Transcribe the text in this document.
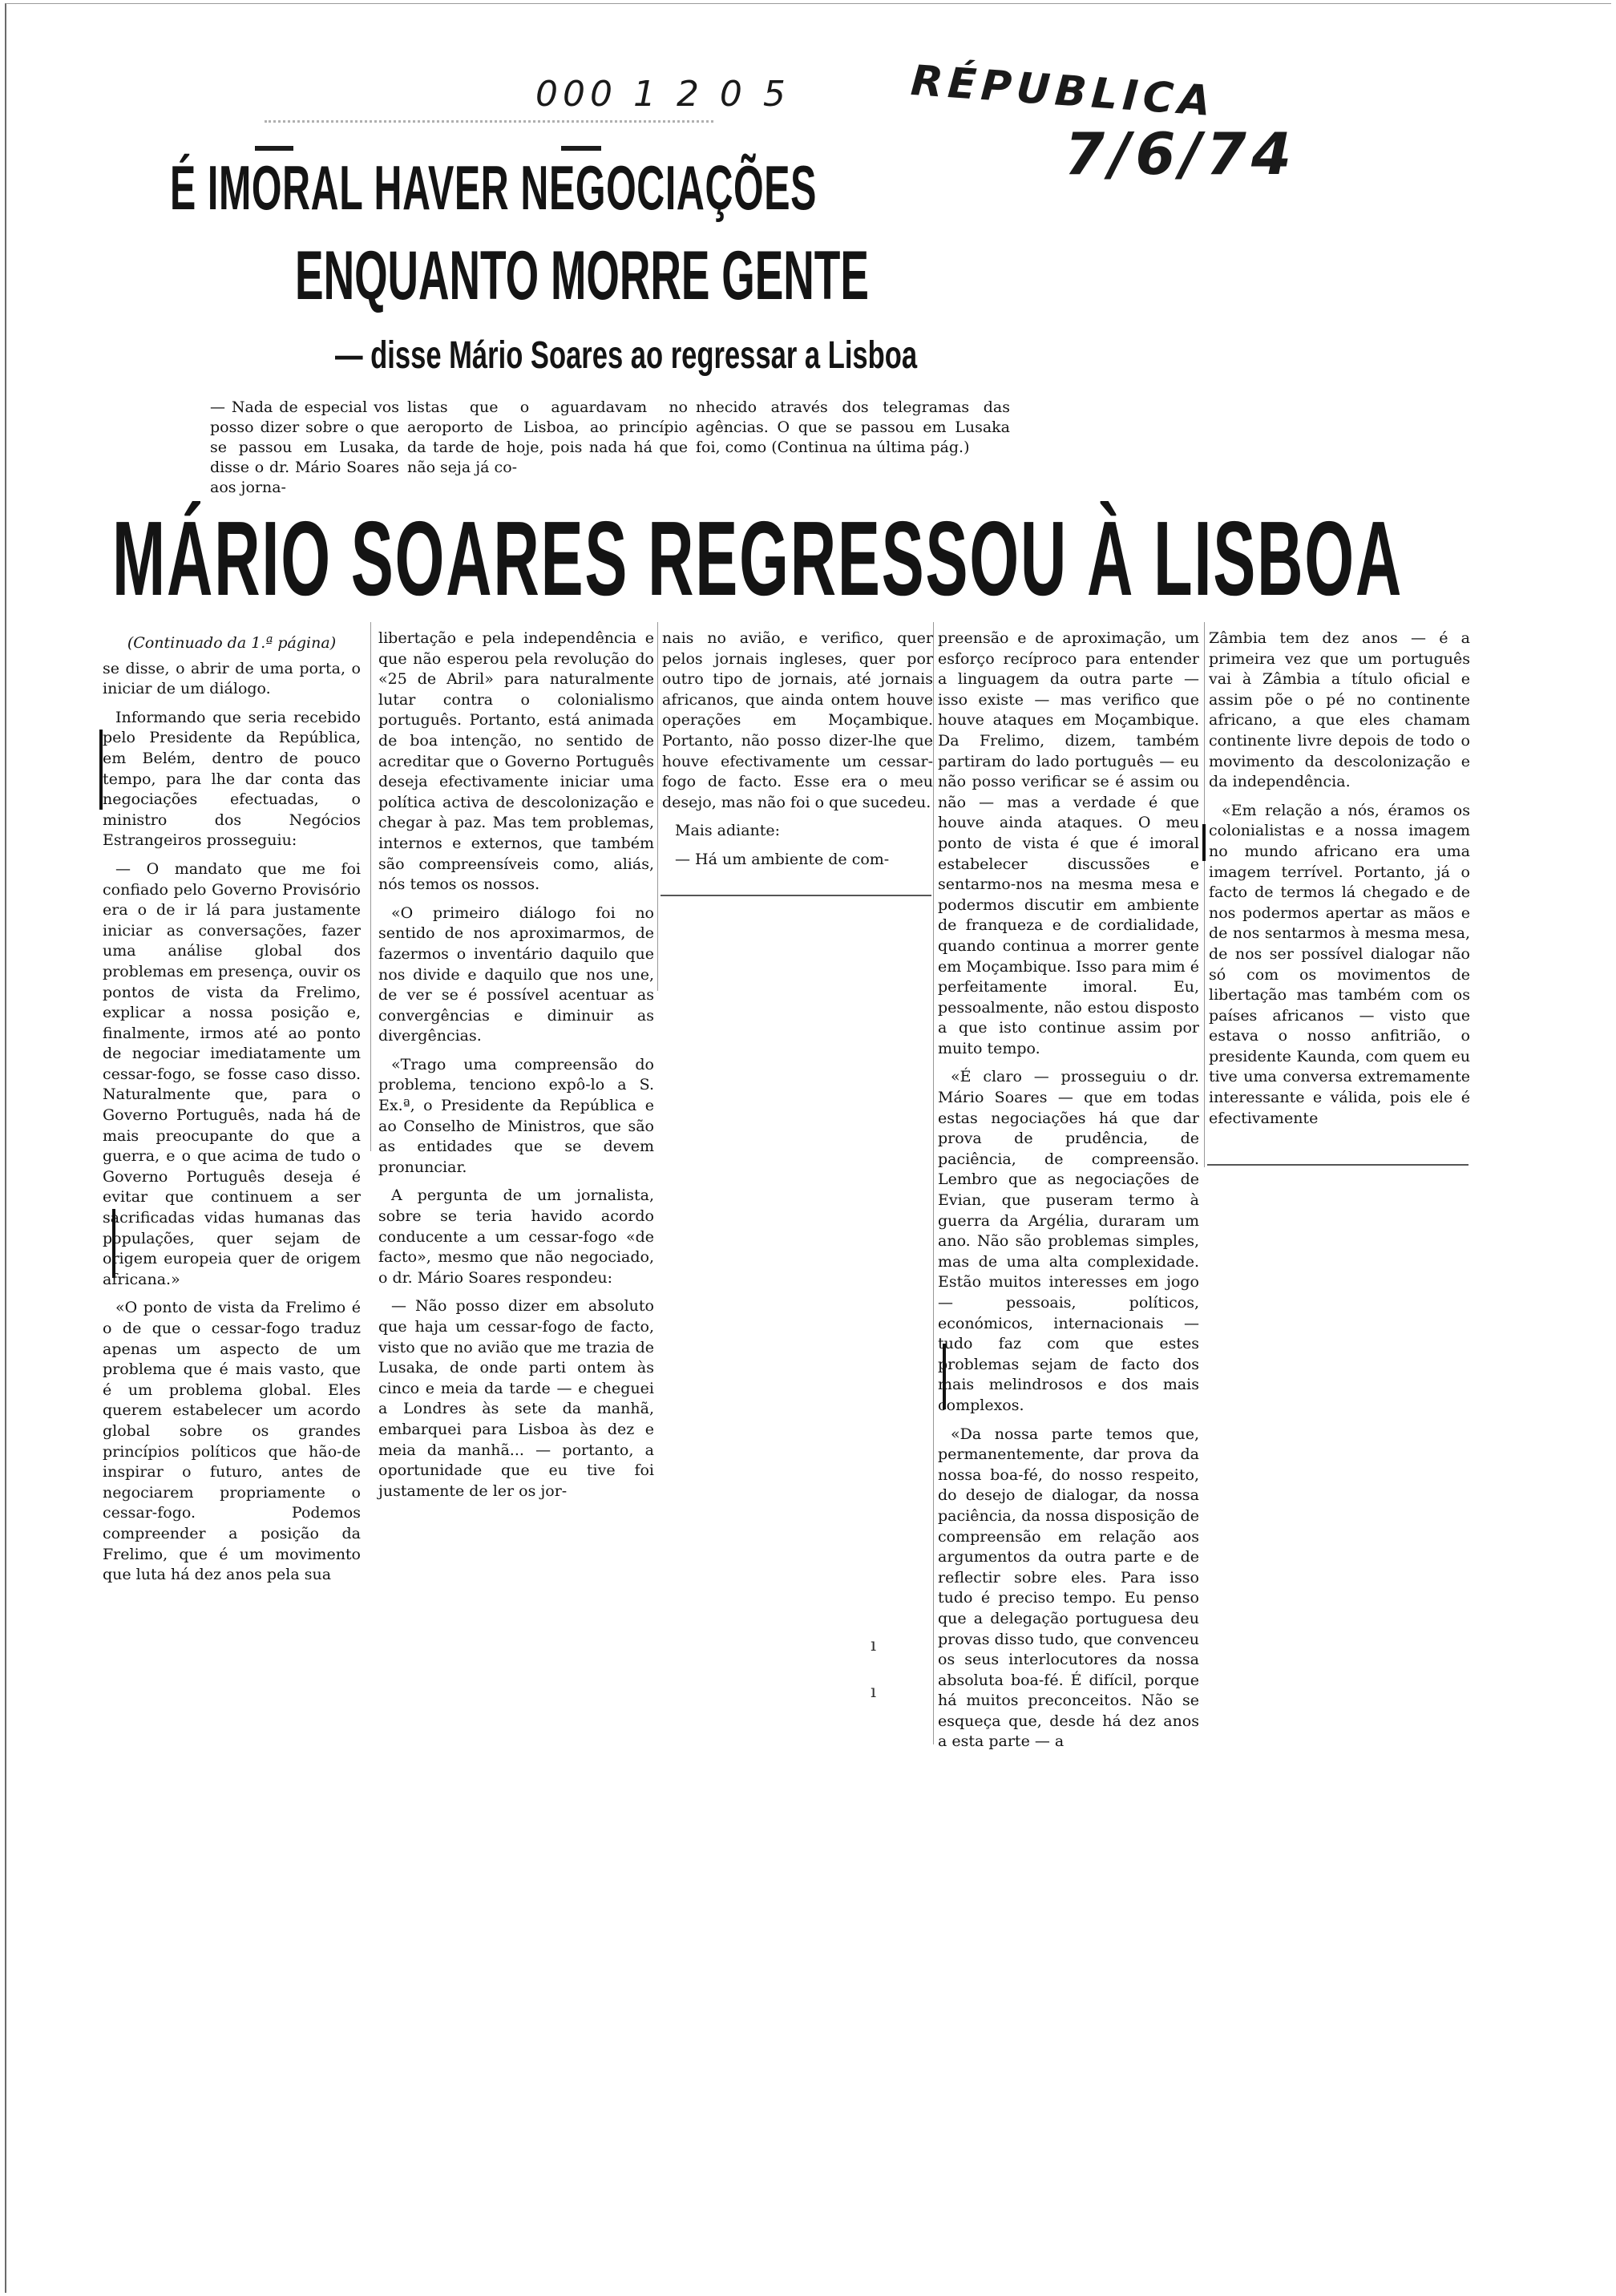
000 1 2 0 5	RÉPUBLICA
7/6/74
É IMORAL HAVER NEGOCIAÇÕES
ENQUANTO MORRE GENTE
— disse Mário Soares ao regressar a Lisboa
— Nada de especial vos posso dizer sobre o que se passou em Lusaka, disse o dr. Mário Soares aos jorna-
listas que o aguardavam no aeroporto de Lisboa, ao princípio da tarde de hoje, pois nada há que não seja já co-
nhecido através dos telegramas das agências. O que se passou em Lusaka foi, como (Continua na última pág.)
MÁRIO SOARES REGRESSOU À LISBOA
(Continuado da 1.ª página)

se disse, o abrir de uma porta, o iniciar de um diálogo.

Informando que seria recebido pelo Presidente da República, em Belém, dentro de pouco tempo, para lhe dar conta das negociações efectuadas, o ministro dos Negócios Estrangeiros prosseguiu:

— O mandato que me foi confiado pelo Governo Provisório era o de ir lá para justamente iniciar as conversações, fazer uma análise global dos problemas em presença, ouvir os pontos de vista da Frelimo, explicar a nossa posição e, finalmente, irmos até ao ponto de negociar imediatamente um cessar-fogo, se fosse caso disso. Naturalmente que, para o Governo Português, nada há de mais preocupante do que a guerra, e o que acima de tudo o Governo Português deseja é evitar que continuem a ser sacrificadas vidas humanas das populações, quer sejam de origem europeia quer de origem africana.»

«O ponto de vista da Frelimo é o de que o cessar-fogo traduz apenas um aspecto de um problema que é mais vasto, que é um problema global. Eles querem estabelecer um acordo global sobre os grandes princípios políticos que hão-de inspirar o futuro, antes de negociarem propriamente o cessar-fogo. Podemos compreender a posição da Frelimo, que é um movimento que luta há dez anos pela sua

libertação e pela independência e que não esperou pela revolução do «25 de Abril» para naturalmente lutar contra o colonialismo português. Portanto, está animada de boa intenção, no sentido de acreditar que o Governo Português deseja efectivamente iniciar uma política activa de descolonização e chegar à paz. Mas tem problemas, internos e externos, que também são compreensíveis como, aliás, nós temos os nossos.

«O primeiro diálogo foi no sentido de nos aproximarmos, de fazermos o inventário daquilo que nos divide e daquilo que nos une, de ver se é possível acentuar as convergências e diminuir as divergências.

«Trago uma compreensão do problema, tenciono expô-lo a S. Ex.ª, o Presidente da República e ao Conselho de Ministros, que são as entidades que se devem pronunciar.

A pergunta de um jornalista, sobre se teria havido acordo conducente a um cessar-fogo «de facto», mesmo que não negociado, o dr. Mário Soares respondeu:

— Não posso dizer em absoluto que haja um cessar-fogo de facto, visto que no avião que me trazia de Lusaka, de onde parti ontem às cinco e meia da tarde — e cheguei a Londres às sete da manhã, embarquei para Lisboa às dez e meia da manhã... — portanto, a oportunidade que eu tive foi justamente de ler os jor-

nais no avião, e verifico, quer pelos jornais ingleses, quer por outro tipo de jornais, até jornais africanos, que ainda ontem houve operações em Moçambique. Portanto, não posso dizer-lhe que houve efectivamente um cessar-fogo de facto. Esse era o meu desejo, mas não foi o que sucedeu.

Mais adiante:

— Há um ambiente de com-

preensão e de aproximação, um esforço recíproco para entender a linguagem da outra parte — isso existe — mas verifico que houve ataques em Moçambique. Da Frelimo, dizem, também partiram do lado português — eu não posso verificar se é assim ou não — mas a verdade é que houve ainda ataques. O meu ponto de vista é que é imoral estabelecer discussões e sentarmo-nos na mesma mesa e podermos discutir em ambiente de franqueza e de cordialidade, quando continua a morrer gente em Moçambique. Isso para mim é perfeitamente imoral. Eu, pessoalmente, não estou disposto a que isto continue assim por muito tempo.

«É claro — prosseguiu o dr. Mário Soares — que em todas estas negociações há que dar prova de prudência, de paciência, de compreensão. Lembro que as negociações de Evian, que puseram termo à guerra da Argélia, duraram um ano. Não são problemas simples, mas de uma alta complexidade. Estão muitos interesses em jogo — pessoais, políticos, económicos, internacionais — tudo faz com que estes problemas sejam de facto dos mais melindrosos e dos mais complexos.

«Da nossa parte temos que, permanentemente, dar prova da nossa boa-fé, do nosso respeito, do desejo de dialogar, da nossa paciência, da nossa disposição de compreensão em relação aos argumentos da outra parte e de reflectir sobre eles. Para isso tudo é preciso tempo. Eu penso que a delegação portuguesa deu provas disso tudo, que convenceu os seus interlocutores da nossa absoluta boa-fé. É difícil, porque há muitos preconceitos. Não se esqueça que, desde há dez anos a esta parte — a

Zâmbia tem dez anos — é a primeira vez que um português vai à Zâmbia a título oficial e assim põe o pé no continente africano, a que eles chamam continente livre depois de todo o movimento da descolonização e da independência.

«Em relação a nós, éramos os colonialistas e a nossa imagem no mundo africano era uma imagem terrível. Portanto, já o facto de termos lá chegado e de nos podermos apertar as mãos e de nos sentarmos à mesma mesa, de nos ser possível dialogar não só com os movimentos de libertação mas também com os países africanos — visto que estava o nosso anfitrião, o presidente Kaunda, com quem eu tive uma conversa extremamente interessante e válida, pois ele é efectivamente

ı
ı
